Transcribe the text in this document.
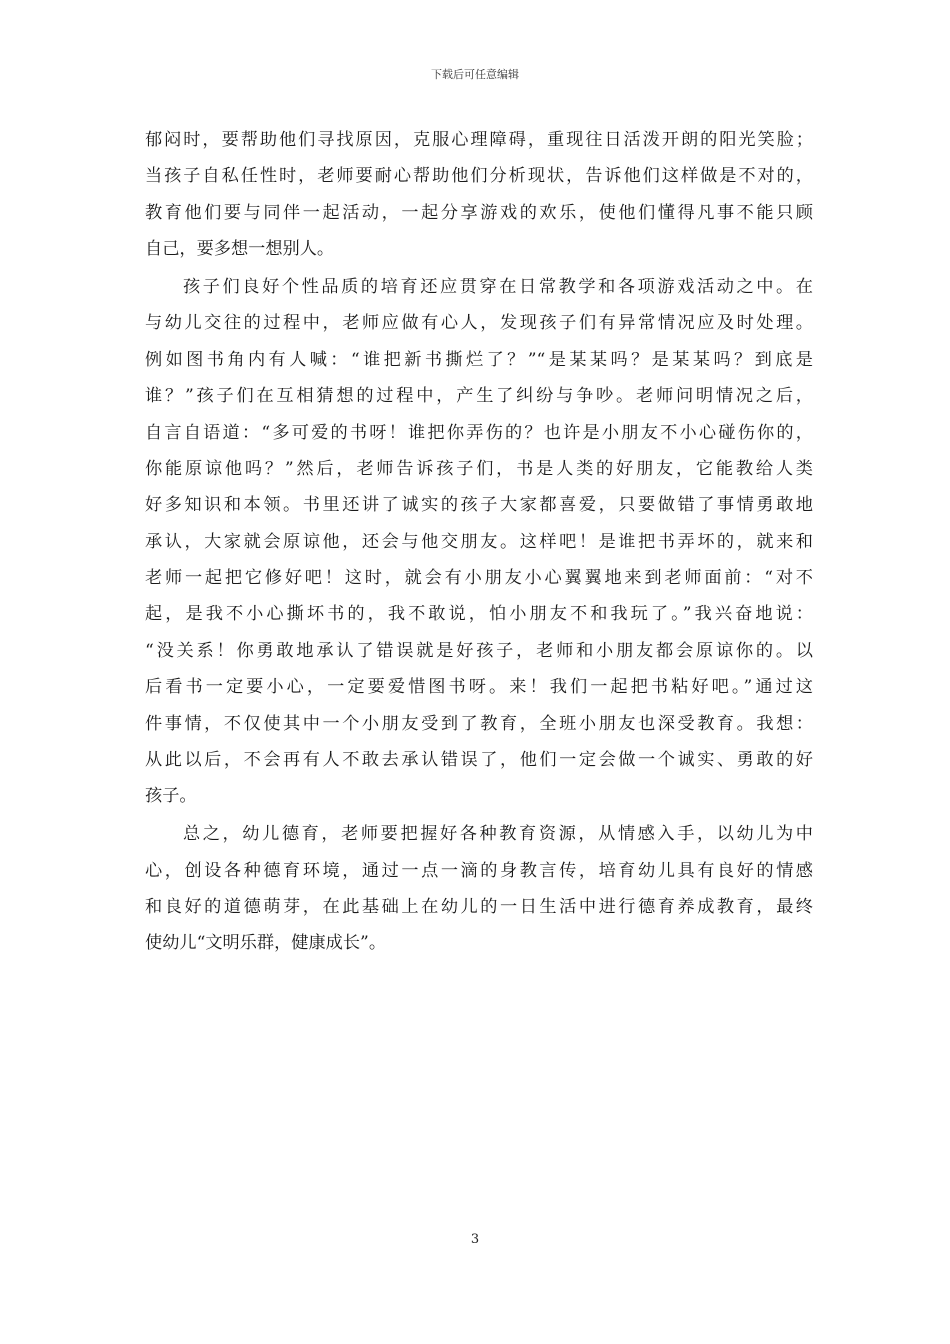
下载后可任意编辑
郁闷时，要帮助他们寻找原因，克服心理障碍，重现往日活泼开朗的阳光笑脸；
当孩子自私任性时，老师要耐心帮助他们分析现状，告诉他们这样做是不对的，
教育他们要与同伴一起活动，一起分享游戏的欢乐，使他们懂得凡事不能只顾
自己，要多想一想别人。
孩子们良好个性品质的培育还应贯穿在日常教学和各项游戏活动之中。在
与幼儿交往的过程中，老师应做有心人，发现孩子们有异常情况应及时处理。
例如图书角内有人喊：“谁把新书撕烂了？”“是某某吗？是某某吗？到底是
谁？”孩子们在互相猜想的过程中，产生了纠纷与争吵。老师问明情况之后，
自言自语道：“多可爱的书呀！谁把你弄伤的？也许是小朋友不小心碰伤你的，
你能原谅他吗？”然后，老师告诉孩子们，书是人类的好朋友，它能教给人类
好多知识和本领。书里还讲了诚实的孩子大家都喜爱，只要做错了事情勇敢地
承认，大家就会原谅他，还会与他交朋友。这样吧！是谁把书弄坏的，就来和
老师一起把它修好吧！这时，就会有小朋友小心翼翼地来到老师面前：“对不
起，是我不小心撕坏书的，我不敢说，怕小朋友不和我玩了。”我兴奋地说：
“没关系！你勇敢地承认了错误就是好孩子，老师和小朋友都会原谅你的。以
后看书一定要小心，一定要爱惜图书呀。来！我们一起把书粘好吧。”通过这
件事情，不仅使其中一个小朋友受到了教育，全班小朋友也深受教育。我想：
从此以后，不会再有人不敢去承认错误了，他们一定会做一个诚实、勇敢的好
孩子。
总之，幼儿德育，老师要把握好各种教育资源，从情感入手，以幼儿为中
心，创设各种德育环境，通过一点一滴的身教言传，培育幼儿具有良好的情感
和良好的道德萌芽，在此基础上在幼儿的一日生活中进行德育养成教育，最终
使幼儿“文明乐群，健康成长”。
3
